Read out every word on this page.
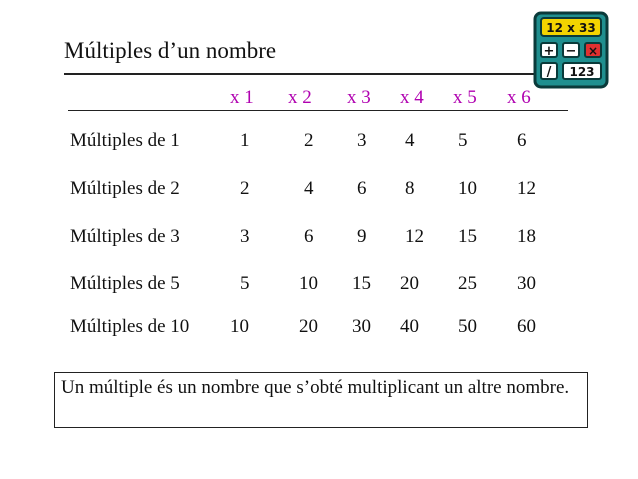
Múltiples d’un nombre
12 x 33
+ − ×
/ 123
x 1 x 2 x 3 x 4 x 5 x 6
Múltiples de 1	1	2 3 4 5	6
Múltiples de 2	2	4 6 8 10 12
Múltiples de 3	3	6 9 12 15 18
Múltiples de 5	5	10 15 20 25 30
Múltiples de 10 10	20 30 40 50 60
Un múltiple és un nombre que s’obté multiplicant un altre nombre.
